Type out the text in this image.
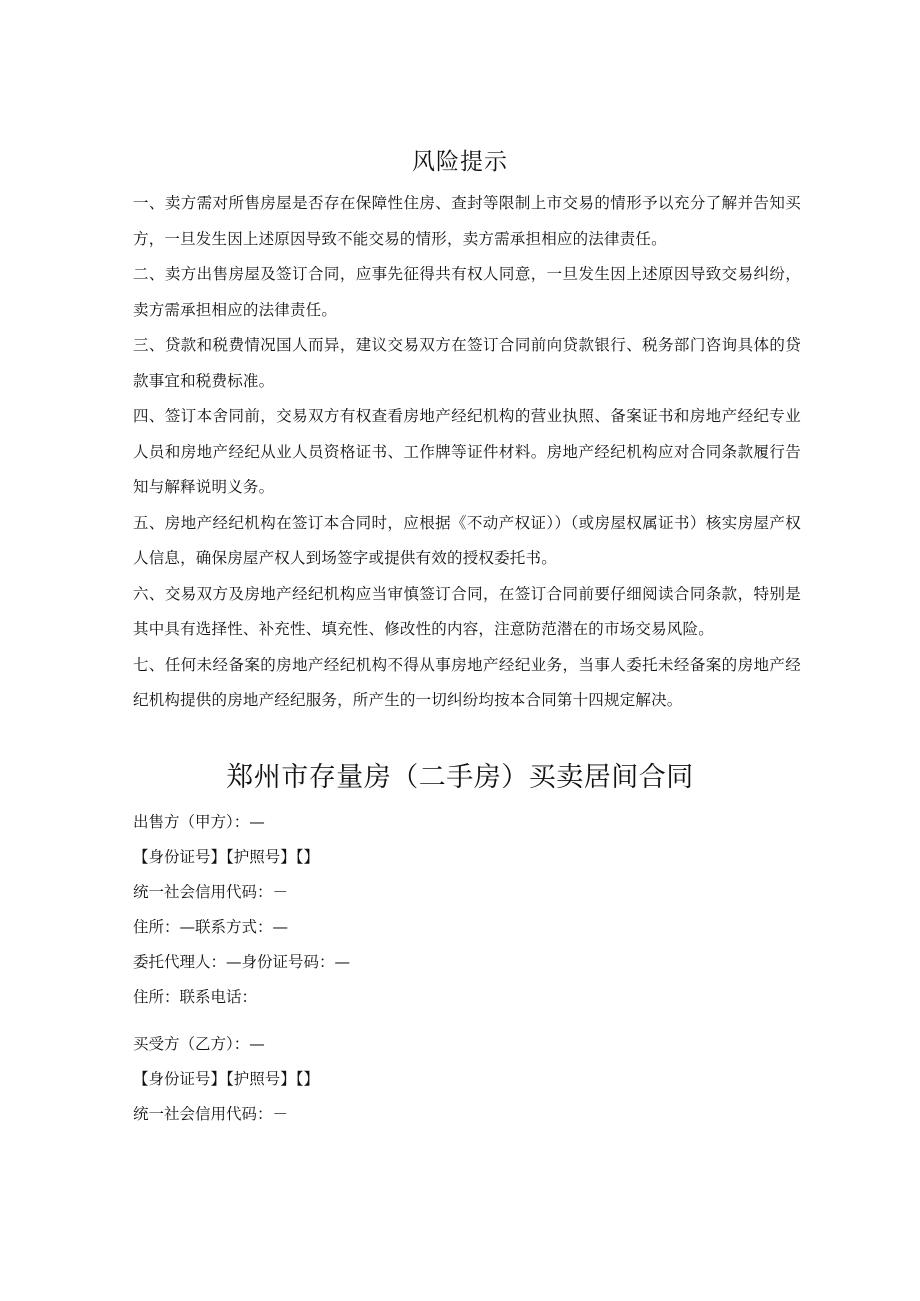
风险提示
一、卖方需对所售房屋是否存在保障性住房、查封等限制上市交易的情形予以充分了解并告知买方，一旦发生因上述原因导致不能交易的情形，卖方需承担相应的法律责任。
二、卖方出售房屋及签订合同，应事先征得共有权人同意，一旦发生因上述原因导致交易纠纷，卖方需承担相应的法律责任。
三、贷款和税费情况国人而异，建议交易双方在签订合同前向贷款银行、税务部门咨询具体的贷款事宜和税费标准。
四、签订本舍同前，交易双方有权查看房地产经纪机构的营业执照、备案证书和房地产经纪专业人员和房地产经纪从业人员资格证书、工作牌等证件材料。房地产经纪机构应对合同条款履行告知与解释说明义务。
五、房地产经纪机构在签订本合同时，应根据《不动产权证））（或房屋权属证书）核实房屋产权人信息，确保房屋产权人到场签字或提供有效的授权委托书。
六、交易双方及房地产经纪机构应当审慎签订合同，在签订合同前要仔细阅读合同条款，特别是其中具有选择性、补充性、填充性、修改性的内容，注意防范潜在的市场交易风险。
七、任何未经备案的房地产经纪机构不得从事房地产经纪业务，当事人委托未经备案的房地产经纪机构提供的房地产经纪服务，所产生的一切纠纷均按本合同第十四规定解决。
郑州市存量房（二手房）买卖居间合同
出售方（甲方）：—
【身份证号】【护照号】【】
统一社会信用代码：－
住所：—联系方式：—
委托代理人：—身份证号码：—
住所：联系电话：
买受方（乙方）：—
【身份证号】【护照号】【】
统一社会信用代码：－
